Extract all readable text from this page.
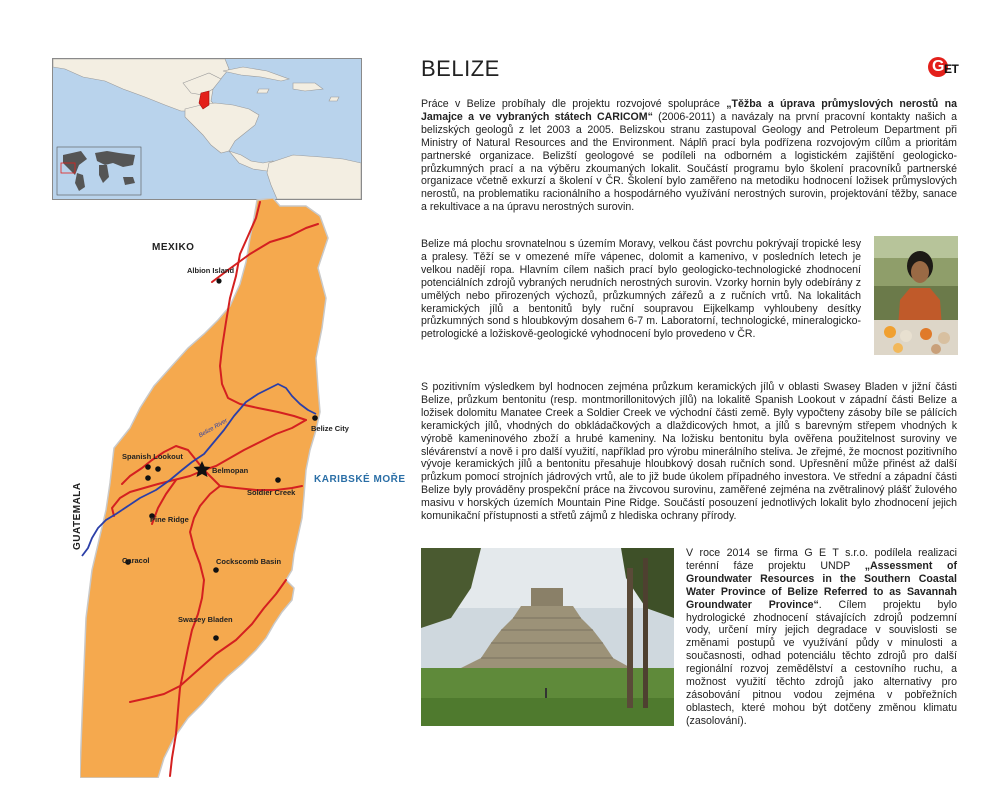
MEXIKO
GUATEMALA
KARIBSKÉ MOŘE
Albion Island
Belize City
Spanish Lookout
Belmopan
Soldier Creek
Pine Ridge
Caracol	Cockscomb Basin
Swasey Bladen
Belize River
BELIZE	G ET

Práce v Belize probíhaly dle projektu rozvojové spolupráce „Těžba a úprava průmyslových nerostů na Jamajce a ve vybraných státech CARICOM“ (2006-2011) a navázaly na první pracovní kontakty našich a belizských geologů z let 2003 a 2005. Belizskou stranu zastupoval Geology and Petroleum Department při Ministry of Natural Resources and the Environment. Náplň prací byla podřízena rozvojovým cílům a prioritám partnerské organizace. Belizští geologové se podíleli na odborném a logistickém zajištění geologicko-průzkumných prací a na výběru zkoumaných lokalit. Součástí programu bylo školení pracovníků partnerské organizace včetně exkurzí a školení v ČR. Školení bylo zaměřeno na metodiku hodnocení ložisek průmyslových nerostů, na problematiku racionálního a hospodárného využívání nerostných surovin, projektování těžby, sanace a rekultivace a na úpravu nerostných surovin.

Belize má plochu srovnatelnou s územím Moravy, velkou část povrchu pokrývají tropické lesy a pralesy. Těží se v omezené míře vápenec, dolomit a kamenivo, v posledních letech je velkou nadějí ropa. Hlavním cílem našich prací bylo geologicko-technologické zhodnocení potenciálních zdrojů vybraných nerudních nerostných surovin. Vzorky hornin byly odebírány z umělých nebo přirozených výchozů, průzkumných zářezů a z ručních vrtů. Na lokalitách keramických jílů a bentonitů byly ruční soupravou Eijkelkamp vyhloubeny desítky průzkumných sond s hloubkovým dosahem 6-7 m. Laboratorní, technologické, mineralogicko-petrologické a ložiskově-geologické vyhodnocení bylo provedeno v ČR.

S pozitivním výsledkem byl hodnocen zejména průzkum keramických jílů v oblasti Swasey Bladen v jižní části Belize, průzkum bentonitu (resp. montmorillonitových jílů) na lokalitě Spanish Lookout v západní části Belize a ložisek dolomitu Manatee Creek a Soldier Creek ve východní části země. Byly vypočteny zásoby bíle se pálících keramických jílů, vhodných do obkládačkových a dlaždicových hmot, a jílů s barevným střepem vhodných k výrobě kameninového zboží a hrubé kameniny. Na ložisku bentonitu byla ověřena použitelnost suroviny ve slévárenství a nově i pro další využití, například pro výrobu minerálního steliva. Je zřejmé, že mocnost pozitivního vývoje keramických jílů a bentonitu přesahuje hloubkový dosah ručních sond. Upřesnění může přinést až další průzkum pomocí strojních jádrových vrtů, ale to již bude úkolem případného investora. Ve střední a západní části Belize byly prováděny prospekční práce na živcovou surovinu, zaměřené zejména na zvětralinový plášť žulového masivu v horských územích Mountain Pine Ridge. Součástí posouzení jednotlivých lokalit bylo zhodnocení jejich komunikační přístupnosti a střetů zájmů z hlediska ochrany přírody.

V roce 2014 se firma G E T s.r.o. podílela realizaci terénní fáze projektu UNDP „Assessment of Groundwater Resources in the Southern Coastal Water Province of Belize Referred to as Savannah Groundwater Province“. Cílem projektu bylo hydrologické zhodnocení stávajících zdrojů podzemní vody, určení míry jejich degradace v souvislosti se změnami postupů ve využívání půdy v minulosti a současnosti, odhad potenciálu těchto zdrojů pro další regionální rozvoj zemědělství a cestovního ruchu, a možnost využití těchto zdrojů jako alternativy pro zásobování pitnou vodou zejména v pobřežních oblastech, které mohou být dotčeny změnou klimatu (zasolování).
